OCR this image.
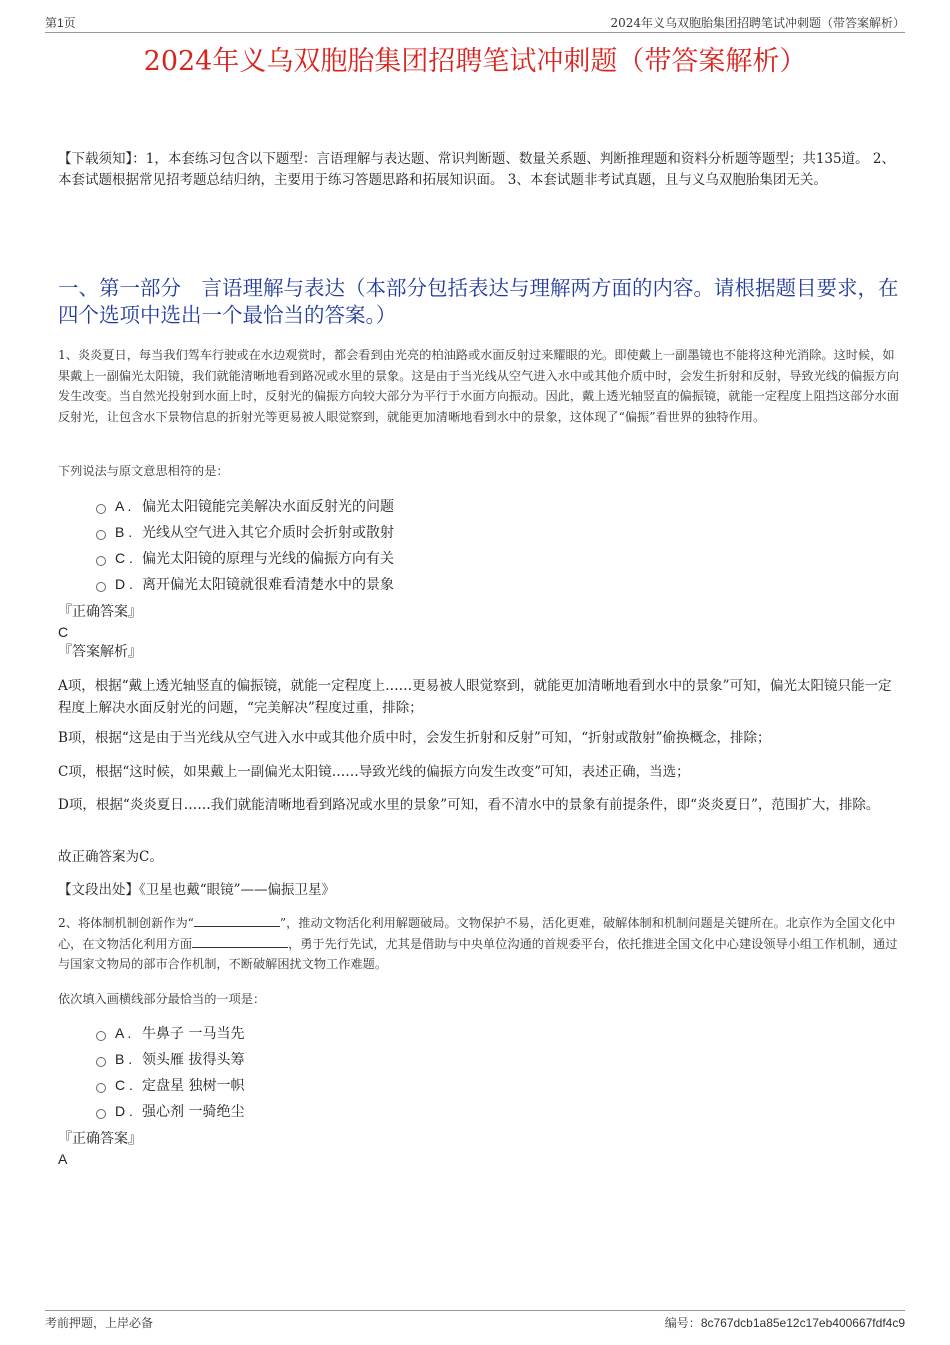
第1页	2024年义乌双胞胎集团招聘笔试冲刺题（带答案解析）
2024年义乌双胞胎集团招聘笔试冲刺题（带答案解析）
【下载须知】：1，本套练习包含以下题型：言语理解与表达题、常识判断题、数量关系题、判断推理题和资料分析题等题型；共135道。 2、本套试题根据常见招考题总结归纳，主要用于练习答题思路和拓展知识面。 3、本套试题非考试真题，且与义乌双胞胎集团无关。
一、第一部分　言语理解与表达（本部分包括表达与理解两方面的内容。请根据题目要求，在四个选项中选出一个最恰当的答案。）
1、炎炎夏日，每当我们驾车行驶或在水边观赏时，都会看到由光亮的柏油路或水面反射过来耀眼的光。即使戴上一副墨镜也不能将这种光消除。这时候，如果戴上一副偏光太阳镜，我们就能清晰地看到路况或水里的景象。这是由于当光线从空气进入水中或其他介质中时，会发生折射和反射，导致光线的偏振方向发生改变。当自然光投射到水面上时，反射光的偏振方向较大部分为平行于水面方向振动。因此，戴上透光轴竖直的偏振镜，就能一定程度上阻挡这部分水面反射光，让包含水下景物信息的折射光等更易被人眼觉察到，就能更加清晰地看到水中的景象，这体现了“偏振”看世界的独特作用。
下列说法与原文意思相符的是：
A . 偏光太阳镜能完美解决水面反射光的问题
B . 光线从空气进入其它介质时会折射或散射
C . 偏光太阳镜的原理与光线的偏振方向有关
D . 离开偏光太阳镜就很难看清楚水中的景象
『正确答案』
C
『答案解析』
A项，根据“戴上透光轴竖直的偏振镜，就能一定程度上……更易被人眼觉察到，就能更加清晰地看到水中的景象”可知，偏光太阳镜只能一定程度上解决水面反射光的问题，“完美解决”程度过重，排除；
B项，根据“这是由于当光线从空气进入水中或其他介质中时，会发生折射和反射”可知，“折射或散射”偷换概念，排除；
C项，根据“这时候，如果戴上一副偏光太阳镜……导致光线的偏振方向发生改变”可知，表述正确，当选；
D项，根据“炎炎夏日……我们就能清晰地看到路况或水里的景象”可知，看不清水中的景象有前提条件，即“炎炎夏日”，范围扩大，排除。
故正确答案为C。
【文段出处】《卫星也戴“眼镜”——偏振卫星》
2、将体制机制创新作为“	”，推动文物活化利用解题破局。文物保护不易，活化更难，破解体制和机制问题是关键所在。北京作为全国文化中心，在文物活化利用方面	，勇于先行先试，尤其是借助与中央单位沟通的首规委平台，依托推进全国文化中心建设领导小组工作机制，通过与国家文物局的部市合作机制，不断破解困扰文物工作难题。
依次填入画横线部分最恰当的一项是：
A . 牛鼻子 一马当先
B . 领头雁 拔得头筹
C . 定盘星 独树一帜
D . 强心剂 一骑绝尘
『正确答案』
A
考前押题，上岸必备	编号：8c767dcb1a85e12c17eb400667fdf4c9
